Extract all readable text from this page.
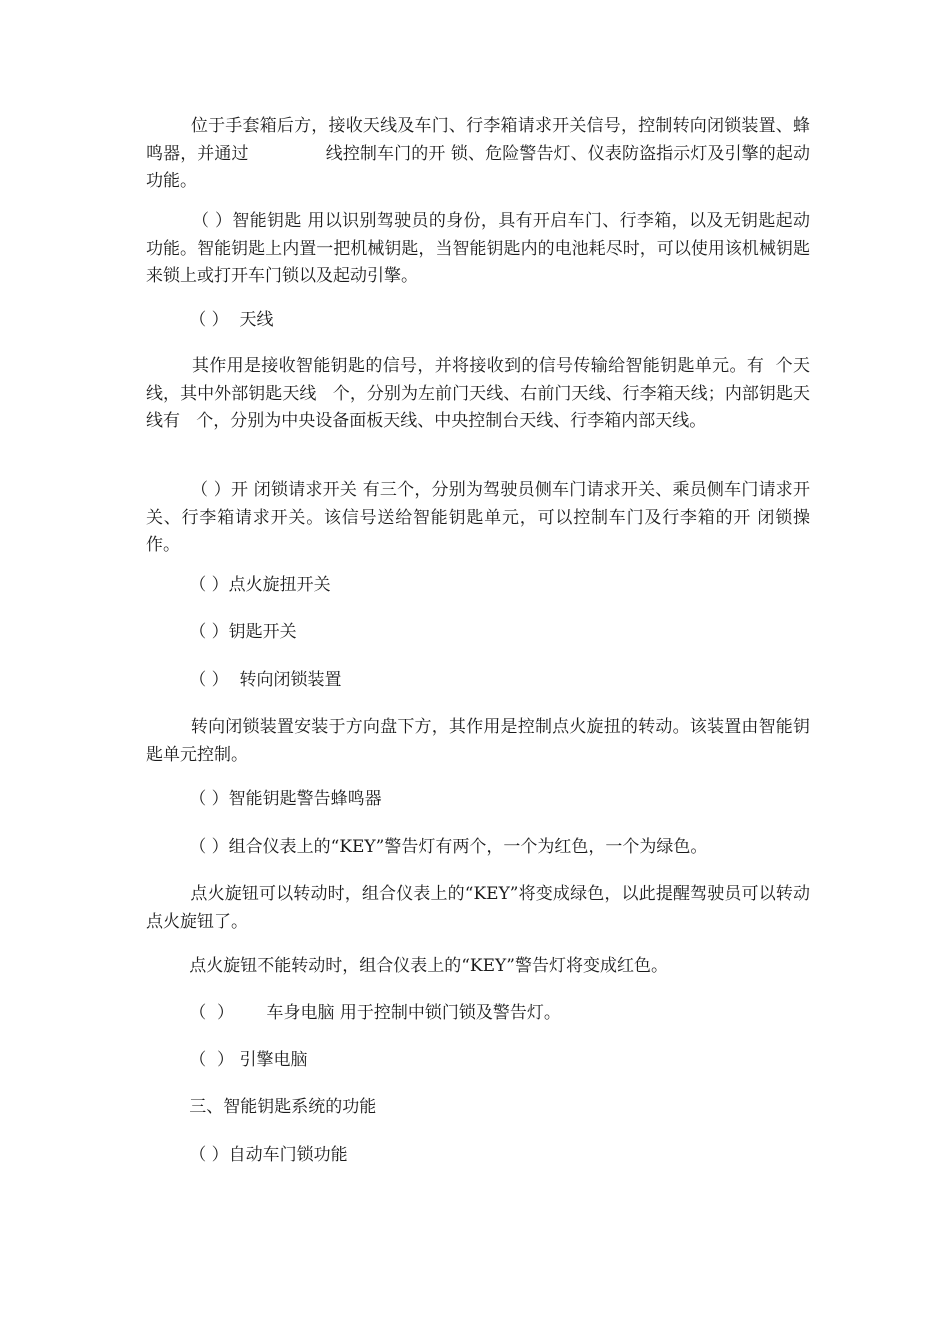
位于手套箱后方，接收天线及车门、行李箱请求开关信号，控制转向闭锁装置、蜂鸣器，并通过              线控制车门的开 锁、危险警告灯、仪表防盗指示灯及引擎的起动功能。
（ ）智能钥匙 用以识别驾驶员的身份，具有开启车门、行李箱，以及无钥匙起动功能。智能钥匙上内置一把机械钥匙，当智能钥匙内的电池耗尽时，可以使用该机械钥匙来锁上或打开车门锁以及起动引擎。
（ ）  天线
其作用是接收智能钥匙的信号，并将接收到的信号传输给智能钥匙单元。有  个天线，其中外部钥匙天线   个，分别为左前门天线、右前门天线、行李箱天线；内部钥匙天线有   个，分别为中央设备面板天线、中央控制台天线、行李箱内部天线。
（ ）开 闭锁请求开关 有三个，分别为驾驶员侧车门请求开关、乘员侧车门请求开关、行李箱请求开关。该信号送给智能钥匙单元，可以控制车门及行李箱的开 闭锁操作。
（ ）点火旋扭开关
（ ）钥匙开关
（ ）  转向闭锁装置
转向闭锁装置安装于方向盘下方，其作用是控制点火旋扭的转动。该装置由智能钥匙单元控制。
（ ）智能钥匙警告蜂鸣器
（ ）组合仪表上的“KEY”警告灯有两个，一个为红色，一个为绿色。
点火旋钮可以转动时，组合仪表上的“KEY”将变成绿色，以此提醒驾驶员可以转动点火旋钮了。
点火旋钮不能转动时，组合仪表上的“KEY”警告灯将变成红色。
（  ）      车身电脑 用于控制中锁门锁及警告灯。
（  ） 引擎电脑
三、智能钥匙系统的功能
（ ）自动车门锁功能
